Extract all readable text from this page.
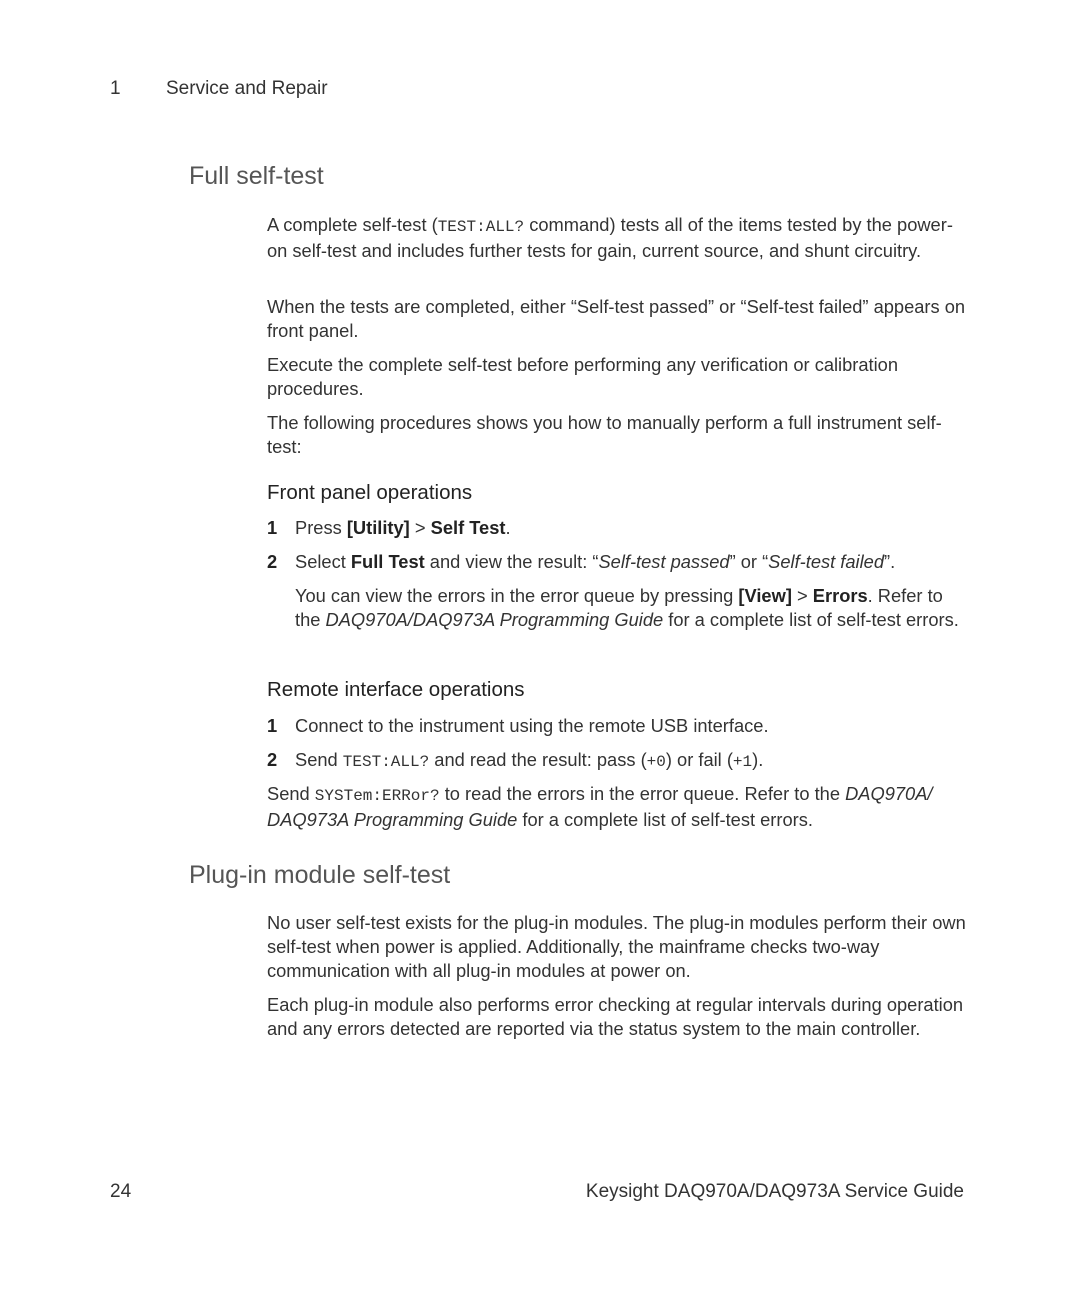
1 Service and Repair
Full self-test
A complete self-test (TEST:ALL? command) tests all of the items tested by the power-on self-test and includes further tests for gain, current source, and shunt circuitry.
When the tests are completed, either “Self-test passed” or “Self-test failed” appears on front panel.
Execute the complete self-test before performing any verification or calibration procedures.
The following procedures shows you how to manually perform a full instrument self-test:
Front panel operations
1 Press [Utility] > Self Test.
2 Select Full Test and view the result: “Self-test passed” or “Self-test failed”.
You can view the errors in the error queue by pressing [View] > Errors. Refer to the DAQ970A/DAQ973A Programming Guide for a complete list of self-test errors.
Remote interface operations
1 Connect to the instrument using the remote USB interface.
2 Send TEST:ALL? and read the result: pass (+0) or fail (+1).
Send SYSTem:ERRor? to read the errors in the error queue. Refer to the DAQ970A/ DAQ973A Programming Guide for a complete list of self-test errors.
Plug-in module self-test
No user self-test exists for the plug-in modules. The plug-in modules perform their own self-test when power is applied. Additionally, the mainframe checks two-way communication with all plug-in modules at power on.
Each plug-in module also performs error checking at regular intervals during operation and any errors detected are reported via the status system to the main controller.
24	Keysight DAQ970A/DAQ973A Service Guide
